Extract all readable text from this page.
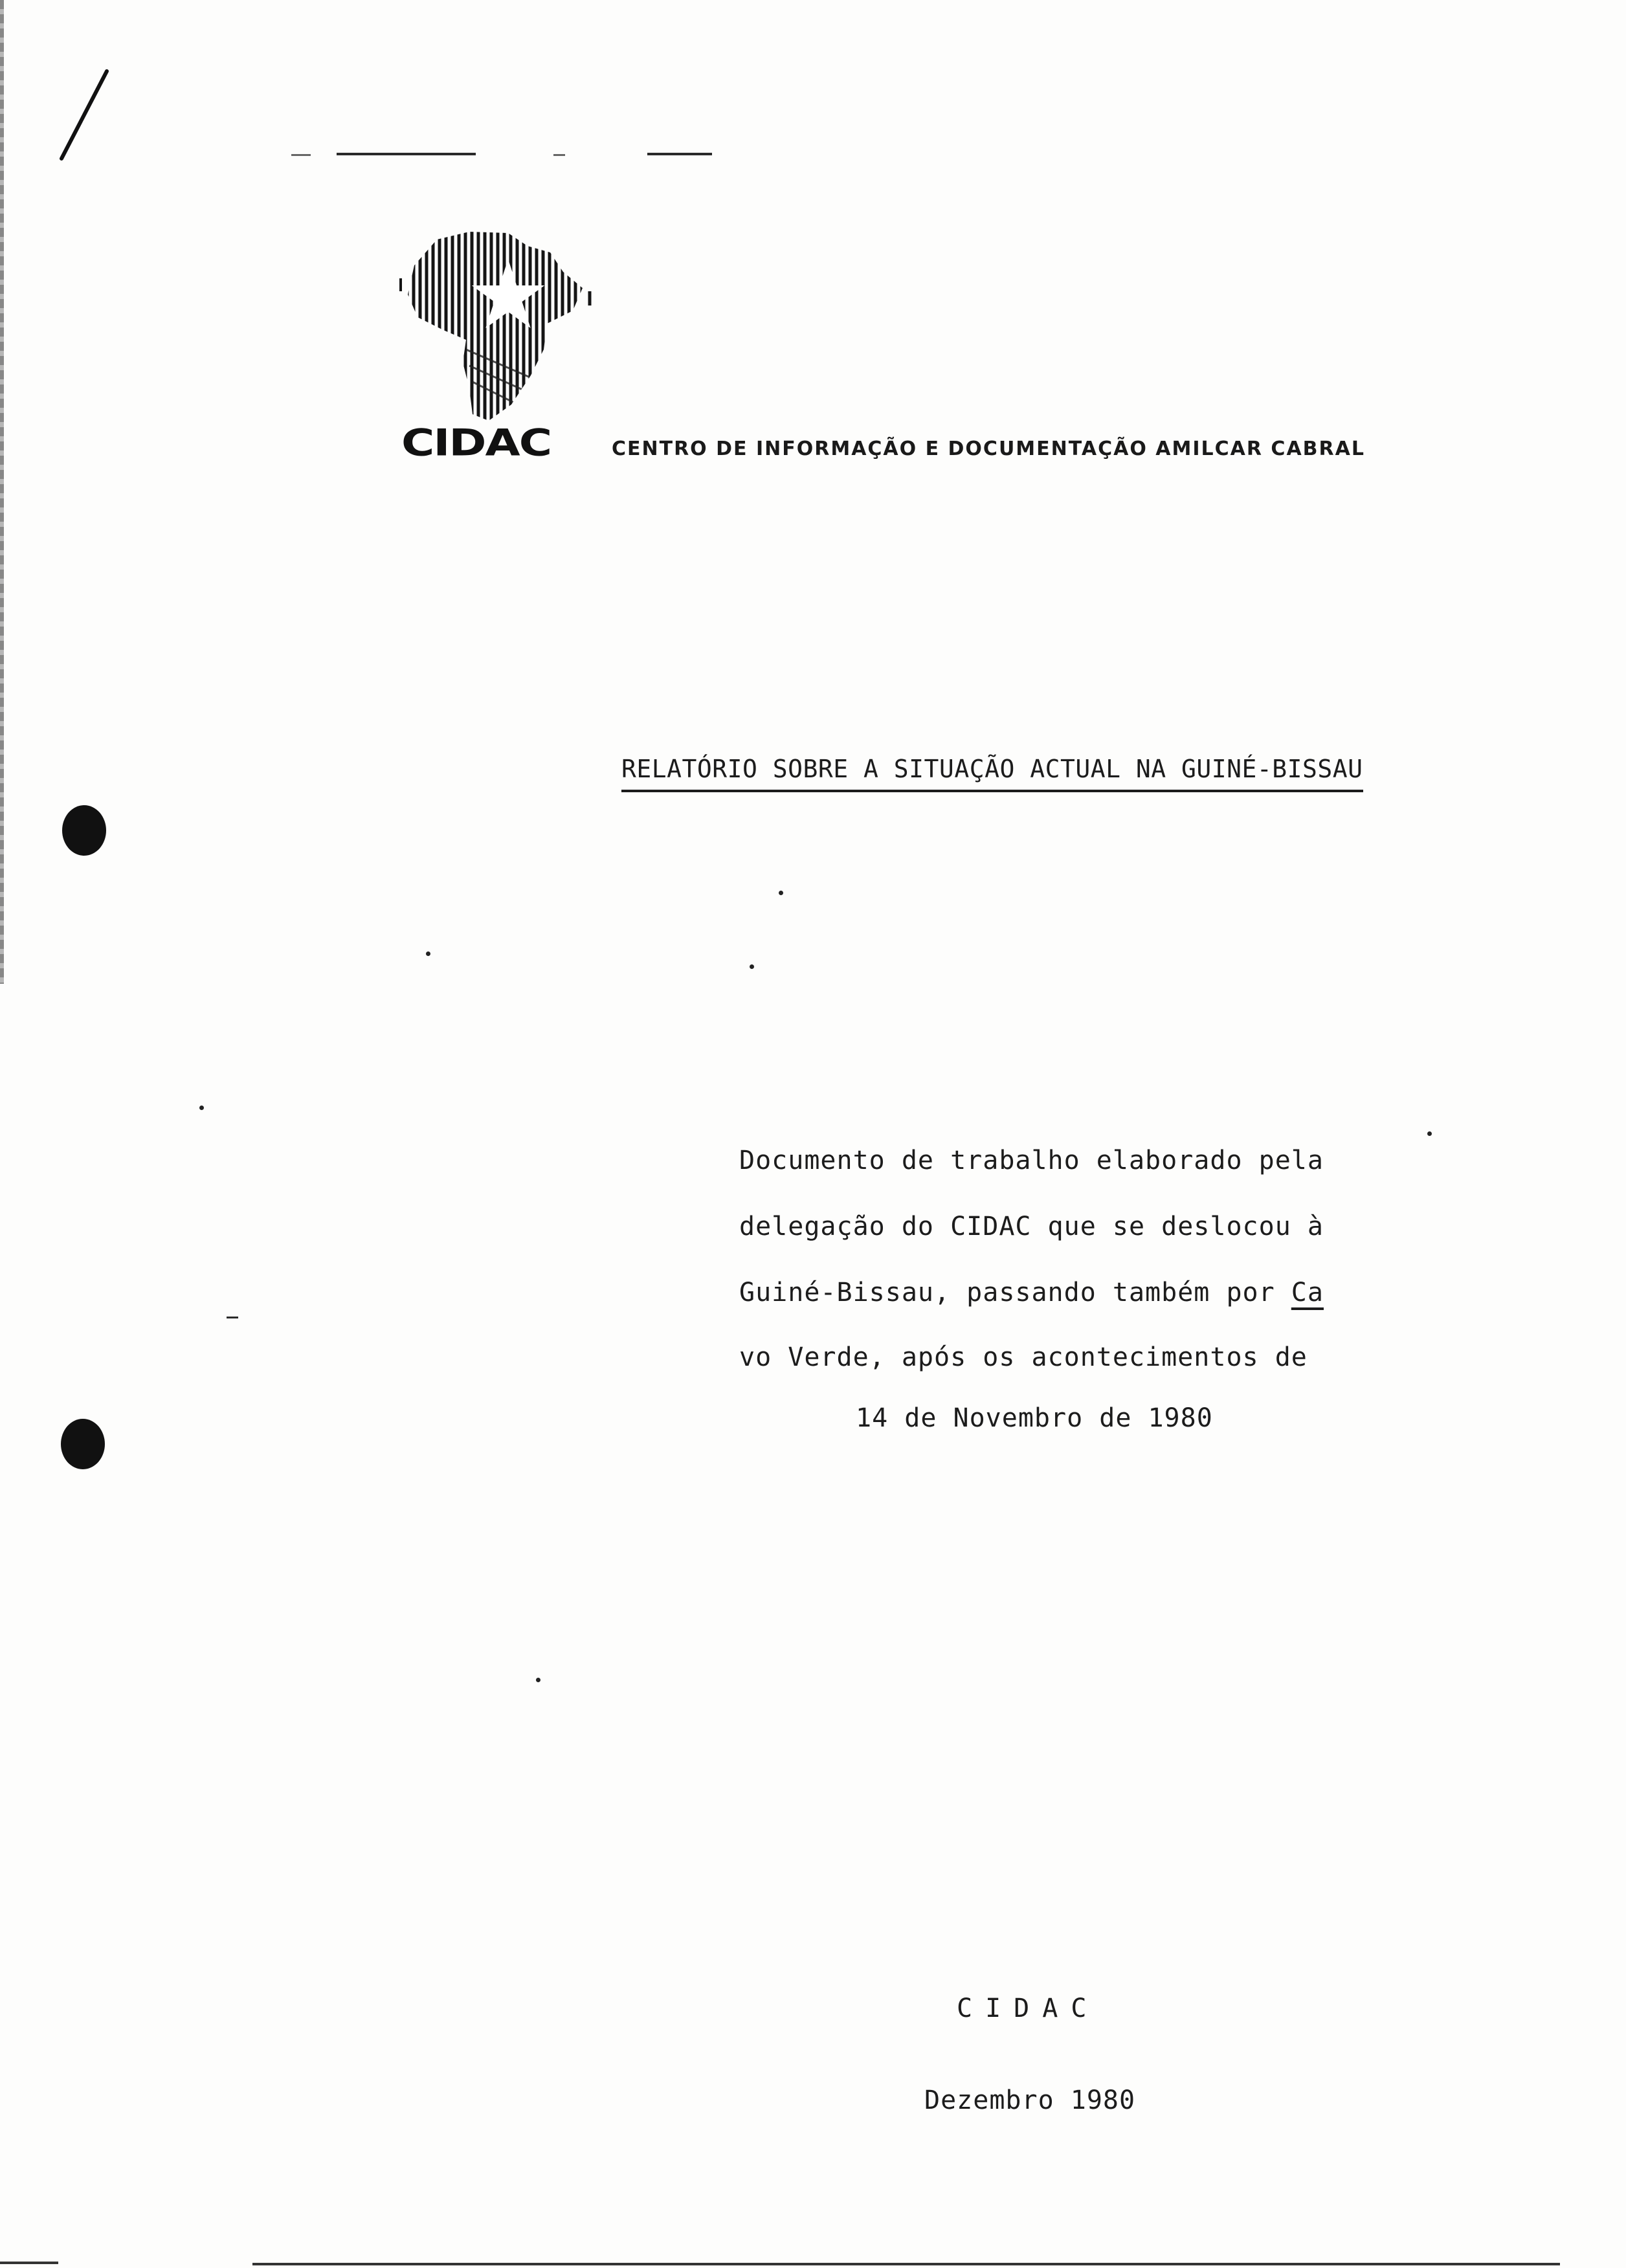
CIDAC	CENTRO DE INFORMAÇÃO E DOCUMENTAÇÃO AMILCAR CABRAL
RELATÓRIO SOBRE A SITUAÇÃO ACTUAL NA GUINÉ-BISSAU
Documento de trabalho elaborado pela
delegação do CIDAC que se deslocou à
Guiné-Bissau, passando também por Ca
vo Verde, após os acontecimentos de
14 de Novembro de 1980
CIDAC
Dezembro 1980
